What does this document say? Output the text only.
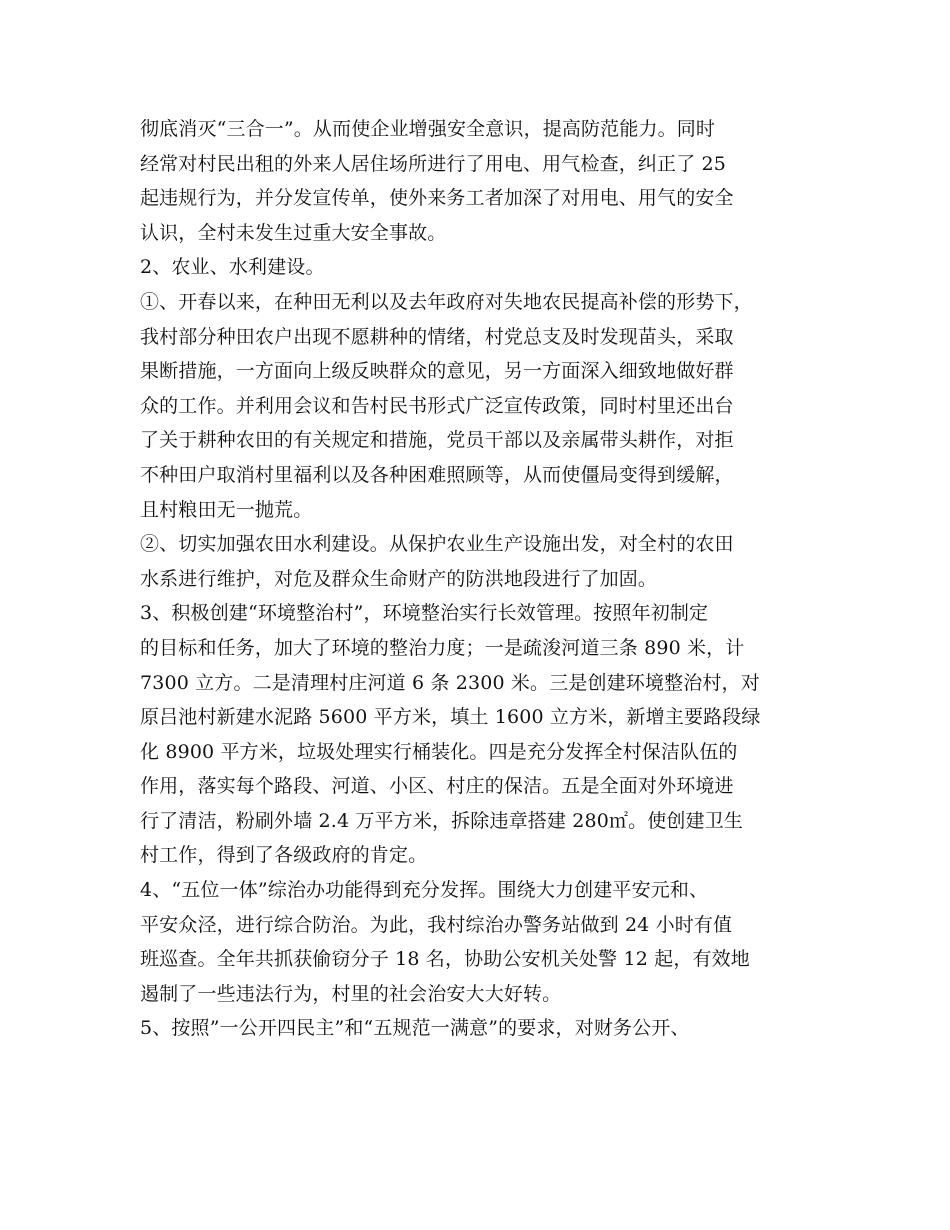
彻底消灭“三合一”。从而使企业增强安全意识，提高防范能力。同时
经常对村民出租的外来人居住场所进行了用电、用气检查，纠正了 25
起违规行为，并分发宣传单，使外来务工者加深了对用电、用气的安全
认识，全村未发生过重大安全事故。
2、农业、水利建设。
①、开春以来，在种田无利以及去年政府对失地农民提高补偿的形势下，
我村部分种田农户出现不愿耕种的情绪，村党总支及时发现苗头，采取
果断措施，一方面向上级反映群众的意见，另一方面深入细致地做好群
众的工作。并利用会议和告村民书形式广泛宣传政策，同时村里还出台
了关于耕种农田的有关规定和措施，党员干部以及亲属带头耕作，对拒
不种田户取消村里福利以及各种困难照顾等，从而使僵局变得到缓解，
且村粮田无一抛荒。
②、切实加强农田水利建设。从保护农业生产设施出发，对全村的农田
水系进行维护，对危及群众生命财产的防洪地段进行了加固。
3、积极创建“环境整治村”，环境整治实行长效管理。按照年初制定
的目标和任务，加大了环境的整治力度；一是疏浚河道三条 890 米，计
7300 立方。二是清理村庄河道 6 条 2300 米。三是创建环境整治村，对
原吕池村新建水泥路 5600 平方米，填土 1600 立方米，新增主要路段绿
化 8900 平方米，垃圾处理实行桶装化。四是充分发挥全村保洁队伍的
作用，落实每个路段、河道、小区、村庄的保洁。五是全面对外环境进
行了清洁，粉刷外墙 2.4 万平方米，拆除违章搭建 280㎡。使创建卫生
村工作，得到了各级政府的肯定。
4、“五位一体”综治办功能得到充分发挥。围绕大力创建平安元和、
平安众泾，进行综合防治。为此，我村综治办警务站做到 24 小时有值
班巡查。全年共抓获偷窃分子 18 名，协助公安机关处警 12 起，有效地
遏制了一些违法行为，村里的社会治安大大好转。
5、按照”一公开四民主”和“五规范一满意”的要求，对财务公开、
